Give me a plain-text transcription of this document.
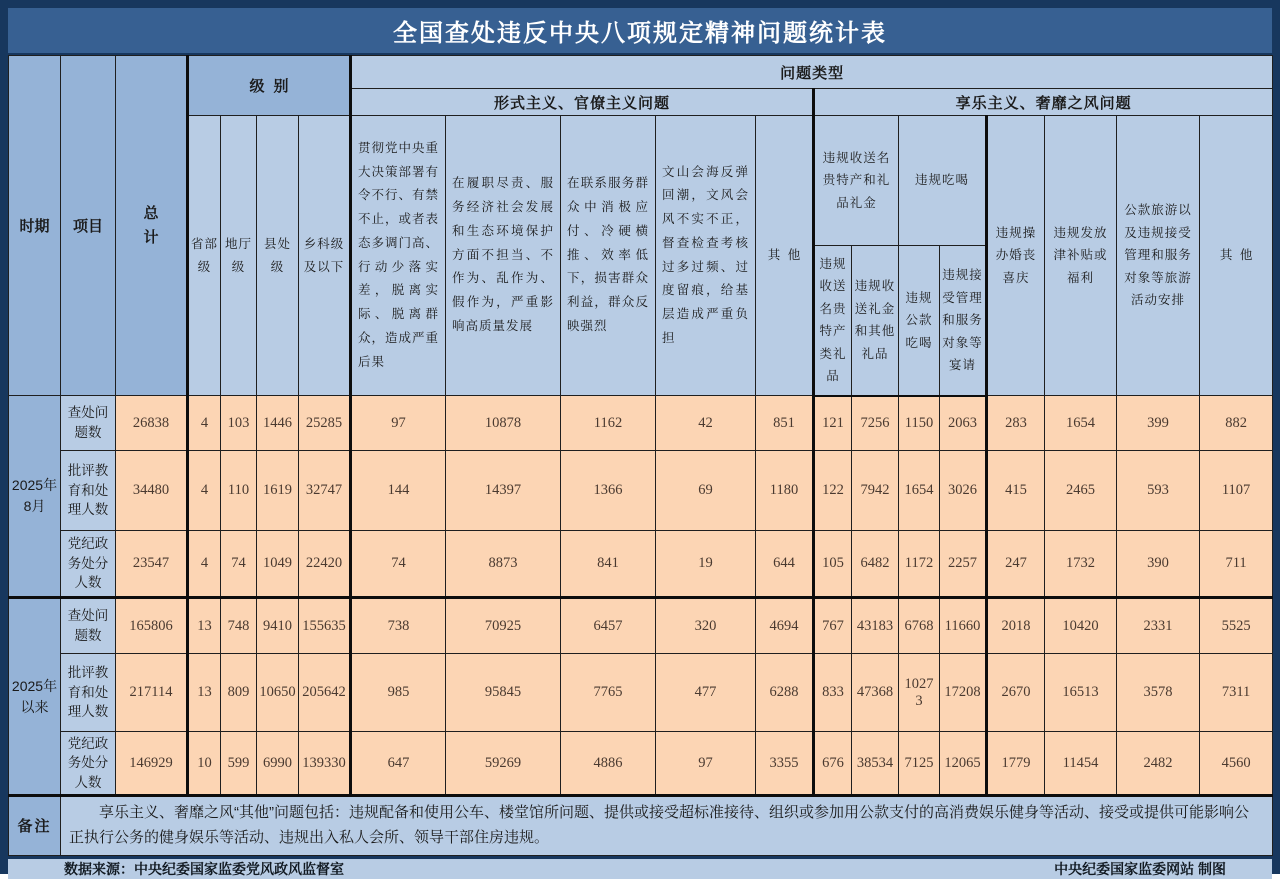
全国查处违反中央八项规定精神问题统计表
时期	项目	总计	级别				问题类型												
							形式主义、官僚主义问题					享乐主义、奢靡之风问题							
			省部级	地厅级	县处级	乡科级及以下	贯彻党中央重大决策部署有令不行、有禁不止，或者表态多调门高、行动少落实差，脱离实际、脱离群众，造成严重后果	在履职尽责、服务经济社会发展和生态环境保护方面不担当、不作为、乱作为、假作为，严重影响高质量发展	在联系服务群众中消极应付、冷硬横推、效率低下，损害群众利益，群众反映强烈	文山会海反弹回潮，文风会风不实不正，督查检查考核过多过频、过度留痕，给基层造成严重负担	其他	违规收送名贵特产和礼品礼金		违规吃喝		违规操办婚丧喜庆	违规发放津补贴或福利	公款旅游以及违规接受管理和服务对象等旅游活动安排	其他
												违规收送名贵特产类礼品	违规收送礼金和其他礼品	违规公款吃喝	违规接受管理和服务对象等宴请				
2025年8月	查处问题数	26838	4	103	1446	25285	97	10878	1162	42	851	121	7256	1150	2063	283	1654	399	882
	批评教育和处理人数	34480	4	110	1619	32747	144	14397	1366	69	1180	122	7942	1654	3026	415	2465	593	1107
	党纪政务处分人数	23547	4	74	1049	22420	74	8873	841	19	644	105	6482	1172	2257	247	1732	390	711
2025年以来	查处问题数	165806	13	748	9410	155635	738	70925	6457	320	4694	767	43183	6768	11660	2018	10420	2331	5525
	批评教育和处理人数	217114	13	809	10650	205642	985	95845	7765	477	6288	833	47368	10273	17208	2670	16513	3578	7311
	党纪政务处分人数	146929	10	599	6990	139330	647	59269	4886	97	3355	676	38534	7125	12065	1779	11454	2482	4560
备注	享乐主义、奢靡之风“其他”问题包括：违规配备和使用公车、楼堂馆所问题、提供或接受超标准接待、组织或参加用公款支付的高消费娱乐健身等活动、接受或提供可能影响公正执行公务的健身娱乐等活动、违规出入私人会所、领导干部住房违规。																		
数据来源：中央纪委国家监委党风政风监督室	中央纪委国家监委网站 制图
